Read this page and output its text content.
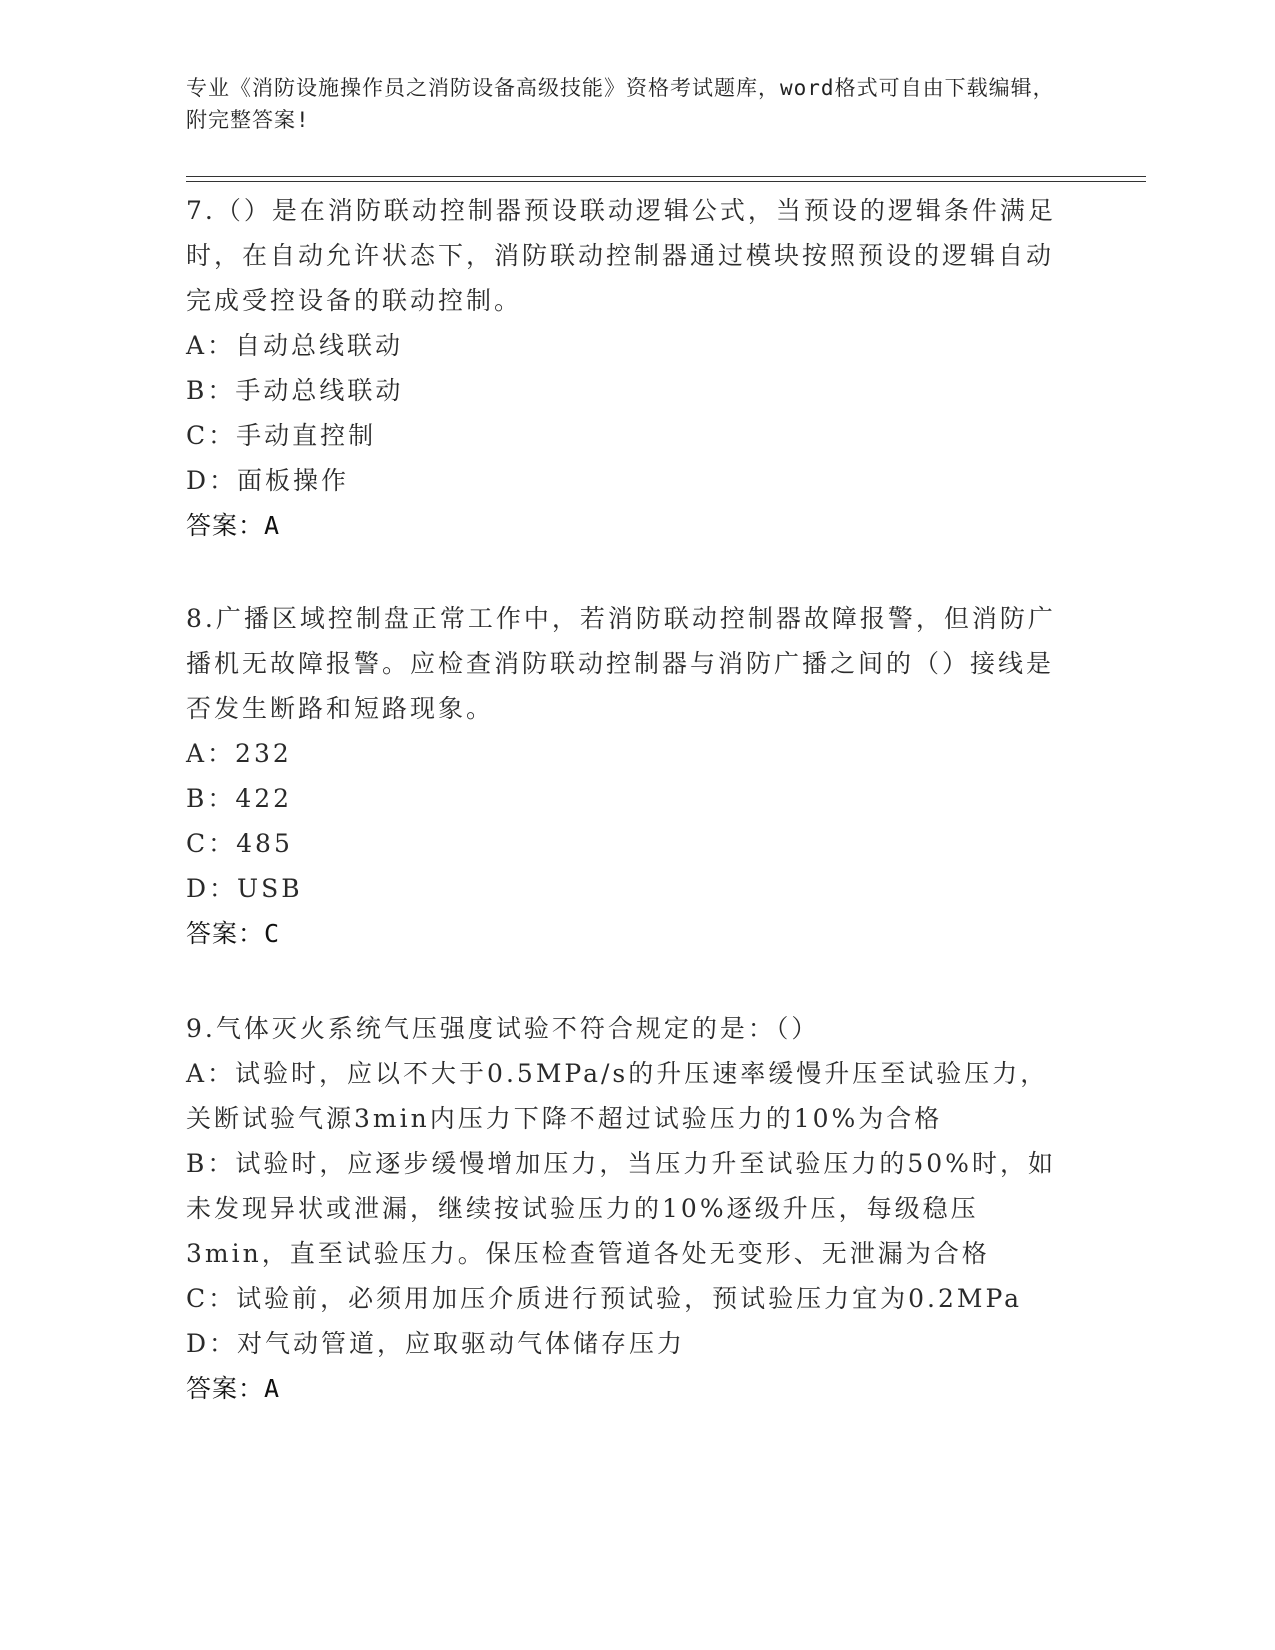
专业《消防设施操作员之消防设备高级技能》资格考试题库，word格式可自由下载编辑，附完整答案!

7.（）是在消防联动控制器预设联动逻辑公式，当预设的逻辑条件满足时，在自动允许状态下，消防联动控制器通过模块按照预设的逻辑自动完成受控设备的联动控制。

A：自动总线联动

B：手动总线联动

C：手动直控制

D：面板操作

答案：A

8.广播区域控制盘正常工作中，若消防联动控制器故障报警，但消防广播机无故障报警。应检查消防联动控制器与消防广播之间的（）接线是否发生断路和短路现象。

A：232

B：422

C：485

D：USB

答案：C

9.气体灭火系统气压强度试验不符合规定的是：（）

A：试验时，应以不大于0.5MPa/s的升压速率缓慢升压至试验压力，关断试验气源3min内压力下降不超过试验压力的10%为合格

B：试验时，应逐步缓慢增加压力，当压力升至试验压力的50%时，如未发现异状或泄漏，继续按试验压力的10%逐级升压，每级稳压3min，直至试验压力。保压检查管道各处无变形、无泄漏为合格

C：试验前，必须用加压介质进行预试验，预试验压力宜为0.2MPa

D：对气动管道，应取驱动气体储存压力

答案：A
